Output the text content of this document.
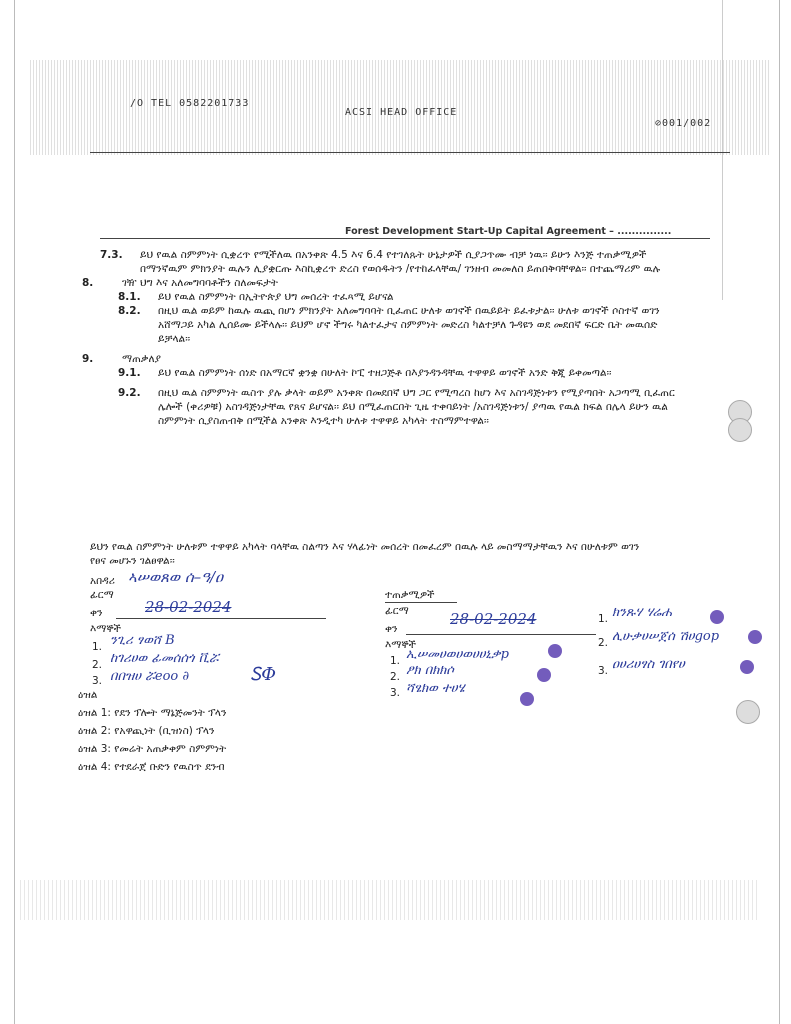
/O TEL 0582201733
ACSI HEAD OFFICE
⊘ 001/002
Forest Development Start-Up Capital Agreement – ...............

7.3.	ይህ የዉል ስምምነት ሲቋረጥ የሚችለዉ በአንቀጽ 4.5 እና 6.4 የተገለጹት ሁኔታዎች ሲያጋጥሙ ብቻ ነዉ፡፡ ይሁን እንጅ ተጠቃሚዎች በማንኛዉም ምክንያት ዉሉን ሊያቋርጡ እስኪቋረጥ ድረስ የወሰዱትን /የተከፈላቸዉ/ ገንዘብ መመለስ ይጠበቅባቸዋል፡፡ በተጨማሪም ዉሉ

8.	ገዥ ህግ እና አለመግባባቶችን ስለመፍታት

8.1.	ይህ የዉል ስምምነት በኢትዮጵያ ህግ መሰረት ተፈጻሚ ይሆናል

8.2.	በዚህ ዉል ወይም ከዉሉ ዉጪ በሆነ ምክንያት አለመግባባት ቢፈጠር ሁለቱ ወገኖች በዉይይት ይፈቱታል፡፡ ሁለቱ ወገኖች ሶስተኛ ወገን አሸማጋይ አካል ሊሰይሙ ይችላሉ፡፡ ይህም ሆኖ ችግሩ ካልተፈታና ስምምነት መድረስ ካልተቻለ ጉዳዩን ወደ መደበኛ ፍርድ ቤት መዉሰድ ይቻላል፡፡

9.	ማጠቃለያ

9.1.	ይህ የዉል ስምምነት ሰነድ በአማርኛ ቋንቋ በሁለት ኮፒ ተዘጋጅቶ በእያንዳንዳቸዉ ተዋዋይ ወገኖች አንድ ቅጂ ይቀመጣል፡፡

9.2.	በዚህ ዉል ስምምነት ዉስጥ ያሉ ቃላት ወይም አንቀጽ በመደበኛ ህግ ጋር የሚጣረስ ከሆነ እና አስገዳጅነቱን የሚያጣበት አጋጣሚ ቢፈጠር ሌሎች (ቀሪዎቹ) አስገዳጅነታቸዉ የጸና ይሆናል፡፡ ይህ በሚፈጠርበት ጊዜ ተቀባይነት /አስገዳጅነቱን/ ያጣዉ የዉል ክፍል በሌላ ይሁን ዉል ስምምነት ሲያስጠብቅ በሚችል አንቀጽ እንዲተካ ሁለቱ ተዋዋይ አካላት ተስማምተዋል፡፡

ይህን የዉል ስምምነት ሁለቱም ተዋዋይ አካላት ባላቸዉ ስልጣን እና ሃላፊነት መሰረት በመፈረም በዉሉ ላይ መስማማታቸዉን እና በሁለቱም ወገን የፀና መሆኑን ገልፀዋል፡፡
አበዳሪ ኣሠወጸወ ሰ–ዓ/ዐ
ፊርማ
ቀን	28-02-2024
እማኞች
1. ንጊሪ ፃወሸ B
2. ከገሪሀወ ፊመሰሰጎ ቪሯ
3. በበዝሀ ሯeoo ∂	ᏚΦ
ተጠቃሚዎች
ፊርማ
ቀን
28-02-2024
እማኞች
1. ኢሠመሀወሀወሀሀኒቃp
2. ፆክ በክክሶ
3. ሻፄክወ ተሀሄ
1. ክንጹሃ ሃሬሐ
2. ሊሁቃሀሠጀሰ ሽሀgop
3. ዐሀሪሀፃስ ገበየሀ
ዕዝል
ዕዝል 1: የደን ፕሎት ማኔጅመንት ፕላን
ዕዝል 2: የአዋጪነት (ቢዝነስ) ፕላን
ዕዝል 3: የመሬት አጠቃቀም ስምምነት
ዕዝል 4: የተደራጀ ቡድን የዉስጥ ደንብ
